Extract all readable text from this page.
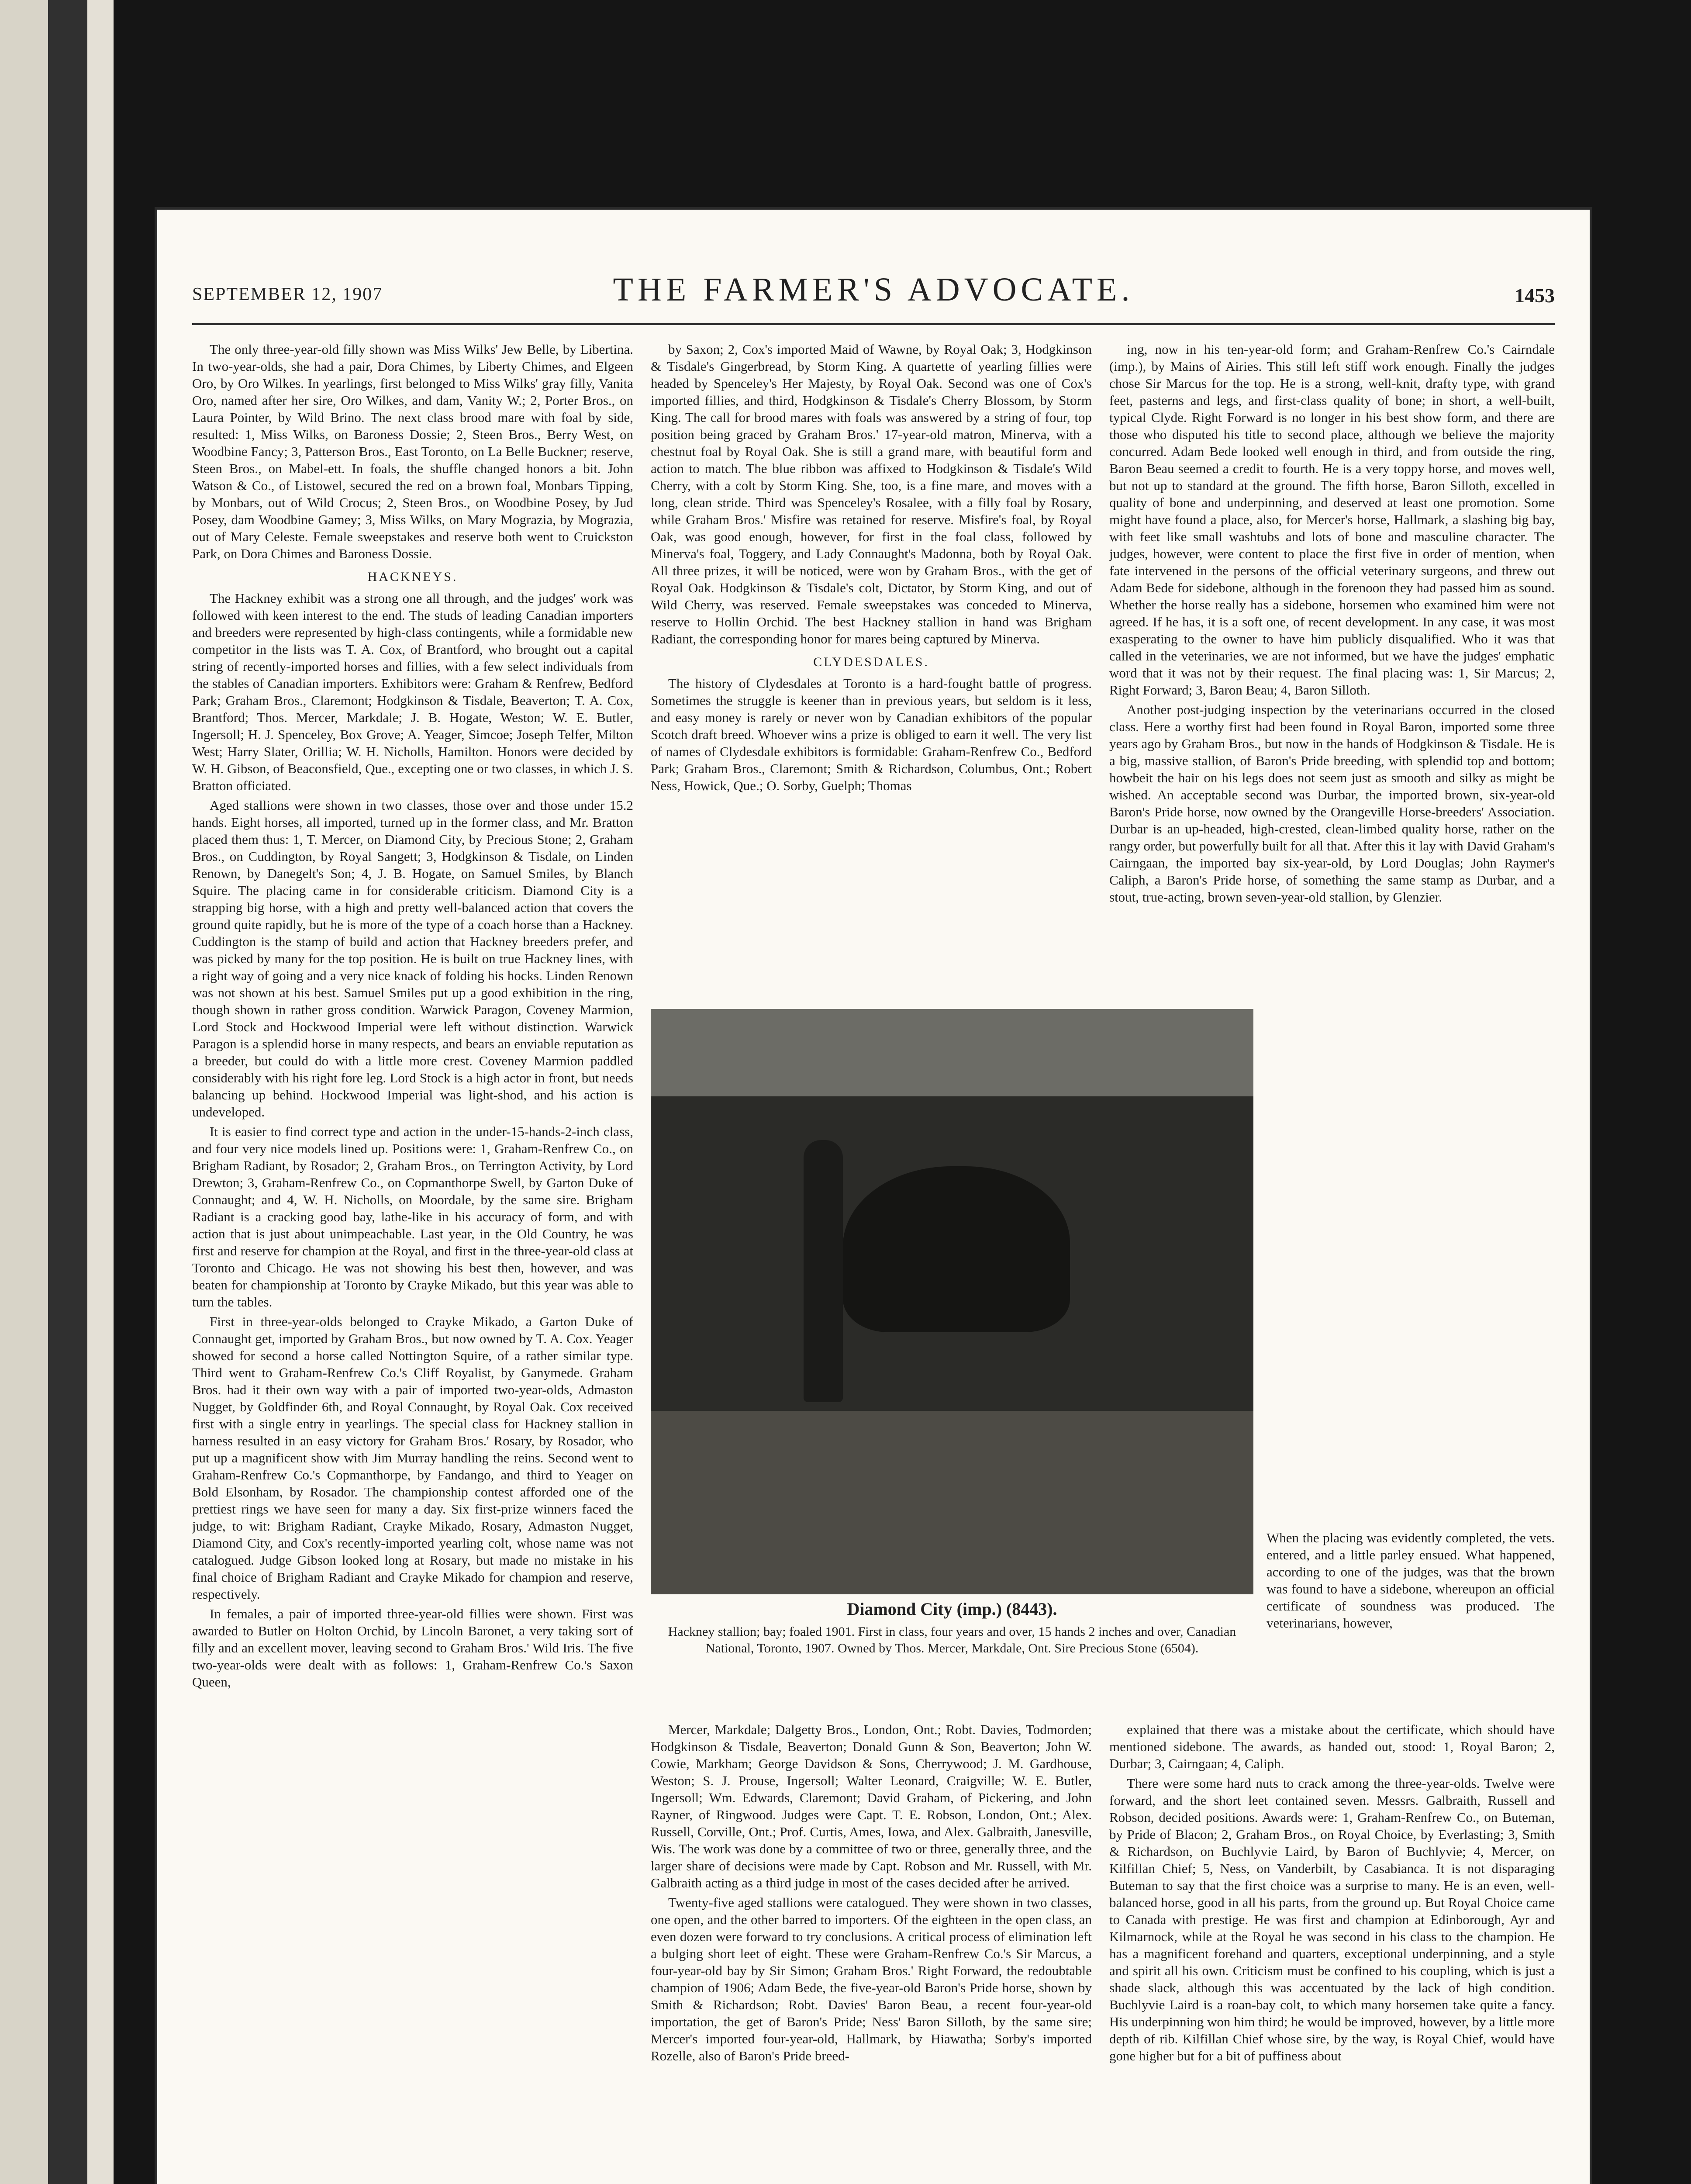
SEPTEMBER 12, 1907	THE FARMER'S ADVOCATE.	1453

The only three-year-old filly shown was Miss Wilks' Jew Belle, by Libertina. In two-year-olds, she had a pair, Dora Chimes, by Liberty Chimes, and Elgeen Oro, by Oro Wilkes. In yearlings, first belonged to Miss Wilks' gray filly, Vanita Oro, named after her sire, Oro Wilkes, and dam, Vanity W.; 2, Porter Bros., on Laura Pointer, by Wild Brino. The next class brood mare with foal by side, resulted: 1, Miss Wilks, on Baroness Dossie; 2, Steen Bros., Berry West, on Woodbine Fancy; 3, Patterson Bros., East Toronto, on La Belle Buckner; reserve, Steen Bros., on Mabel-ett. In foals, the shuffle changed honors a bit. John Watson & Co., of Listowel, secured the red on a brown foal, Monbars Tipping, by Monbars, out of Wild Crocus; 2, Steen Bros., on Woodbine Posey, by Jud Posey, dam Woodbine Gamey; 3, Miss Wilks, on Mary Mograzia, by Mograzia, out of Mary Celeste. Female sweepstakes and reserve both went to Cruickston Park, on Dora Chimes and Baroness Dossie.

HACKNEYS.

The Hackney exhibit was a strong one all through, and the judges' work was followed with keen interest to the end. The studs of leading Canadian importers and breeders were represented by high-class contingents, while a formidable new competitor in the lists was T. A. Cox, of Brantford, who brought out a capital string of recently-imported horses and fillies, with a few select individuals from the stables of Canadian importers. Exhibitors were: Graham & Renfrew, Bedford Park; Graham Bros., Claremont; Hodgkinson & Tisdale, Beaverton; T. A. Cox, Brantford; Thos. Mercer, Markdale; J. B. Hogate, Weston; W. E. Butler, Ingersoll; H. J. Spenceley, Box Grove; A. Yeager, Simcoe; Joseph Telfer, Milton West; Harry Slater, Orillia; W. H. Nicholls, Hamilton. Honors were decided by W. H. Gibson, of Beaconsfield, Que., excepting one or two classes, in which J. S. Bratton officiated.

Aged stallions were shown in two classes, those over and those under 15.2 hands. Eight horses, all imported, turned up in the former class, and Mr. Bratton placed them thus: 1, T. Mercer, on Diamond City, by Precious Stone; 2, Graham Bros., on Cuddington, by Royal Sangett; 3, Hodgkinson & Tisdale, on Linden Renown, by Danegelt's Son; 4, J. B. Hogate, on Samuel Smiles, by Blanch Squire. The placing came in for considerable criticism. Diamond City is a strapping big horse, with a high and pretty well-balanced action that covers the ground quite rapidly, but he is more of the type of a coach horse than a Hackney. Cuddington is the stamp of build and action that Hackney breeders prefer, and was picked by many for the top position. He is built on true Hackney lines, with a right way of going and a very nice knack of folding his hocks. Linden Renown was not shown at his best. Samuel Smiles put up a good exhibition in the ring, though shown in rather gross condition. Warwick Paragon, Coveney Marmion, Lord Stock and Hockwood Imperial were left without distinction. Warwick Paragon is a splendid horse in many respects, and bears an enviable reputation as a breeder, but could do with a little more crest. Coveney Marmion paddled considerably with his right fore leg. Lord Stock is a high actor in front, but needs balancing up behind. Hockwood Imperial was light-shod, and his action is undeveloped.

It is easier to find correct type and action in the under-15-hands-2-inch class, and four very nice models lined up. Positions were: 1, Graham-Renfrew Co., on Brigham Radiant, by Rosador; 2, Graham Bros., on Terrington Activity, by Lord Drewton; 3, Graham-Renfrew Co., on Copmanthorpe Swell, by Garton Duke of Connaught; and 4, W. H. Nicholls, on Moordale, by the same sire. Brigham Radiant is a cracking good bay, lathe-like in his accuracy of form, and with action that is just about unimpeachable. Last year, in the Old Country, he was first and reserve for champion at the Royal, and first in the three-year-old class at Toronto and Chicago. He was not showing his best then, however, and was beaten for championship at Toronto by Crayke Mikado, but this year was able to turn the tables.

First in three-year-olds belonged to Crayke Mikado, a Garton Duke of Connaught get, imported by Graham Bros., but now owned by T. A. Cox. Yeager showed for second a horse called Nottington Squire, of a rather similar type. Third went to Graham-Renfrew Co.'s Cliff Royalist, by Ganymede. Graham Bros. had it their own way with a pair of imported two-year-olds, Admaston Nugget, by Goldfinder 6th, and Royal Connaught, by Royal Oak. Cox received first with a single entry in yearlings. The special class for Hackney stallion in harness resulted in an easy victory for Graham Bros.' Rosary, by Rosador, who put up a magnificent show with Jim Murray handling the reins. Second went to Graham-Renfrew Co.'s Copmanthorpe, by Fandango, and third to Yeager on Bold Elsonham, by Rosador. The championship contest afforded one of the prettiest rings we have seen for many a day. Six first-prize winners faced the judge, to wit: Brigham Radiant, Crayke Mikado, Rosary, Admaston Nugget, Diamond City, and Cox's recently-imported yearling colt, whose name was not catalogued. Judge Gibson looked long at Rosary, but made no mistake in his final choice of Brigham Radiant and Crayke Mikado for champion and reserve, respectively.

In females, a pair of imported three-year-old fillies were shown. First was awarded to Butler on Holton Orchid, by Lincoln Baronet, a very taking sort of filly and an excellent mover, leaving second to Graham Bros.' Wild Iris. The five two-year-olds were dealt with as follows: 1, Graham-Renfrew Co.'s Saxon Queen,

by Saxon; 2, Cox's imported Maid of Wawne, by Royal Oak; 3, Hodgkinson & Tisdale's Gingerbread, by Storm King. A quartette of yearling fillies were headed by Spenceley's Her Majesty, by Royal Oak. Second was one of Cox's imported fillies, and third, Hodgkinson & Tisdale's Cherry Blossom, by Storm King. The call for brood mares with foals was answered by a string of four, top position being graced by Graham Bros.' 17-year-old matron, Minerva, with a chestnut foal by Royal Oak. She is still a grand mare, with beautiful form and action to match. The blue ribbon was affixed to Hodgkinson & Tisdale's Wild Cherry, with a colt by Storm King. She, too, is a fine mare, and moves with a long, clean stride. Third was Spenceley's Rosalee, with a filly foal by Rosary, while Graham Bros.' Misfire was retained for reserve. Misfire's foal, by Royal Oak, was good enough, however, for first in the foal class, followed by Minerva's foal, Toggery, and Lady Connaught's Madonna, both by Royal Oak. All three prizes, it will be noticed, were won by Graham Bros., with the get of Royal Oak. Hodgkinson & Tisdale's colt, Dictator, by Storm King, and out of Wild Cherry, was reserved. Female sweepstakes was conceded to Minerva, reserve to Hollin Orchid. The best Hackney stallion in hand was Brigham Radiant, the corresponding honor for mares being captured by Minerva.

CLYDESDALES.

The history of Clydesdales at Toronto is a hard-fought battle of progress. Sometimes the struggle is keener than in previous years, but seldom is it less, and easy money is rarely or never won by Canadian exhibitors of the popular Scotch draft breed. Whoever wins a prize is obliged to earn it well. The very list of names of Clydesdale exhibitors is formidable: Graham-Renfrew Co., Bedford Park; Graham Bros., Claremont; Smith & Richardson, Columbus, Ont.; Robert Ness, Howick, Que.; O. Sorby, Guelph; Thomas

Diamond City (imp.) (8443).
Hackney stallion; bay; foaled 1901. First in class, four years and over, 15 hands 2 inches and over, Canadian National, Toronto, 1907. Owned by Thos. Mercer, Markdale, Ont. Sire Precious Stone (6504).

Mercer, Markdale; Dalgetty Bros., London, Ont.; Robt. Davies, Todmorden; Hodgkinson & Tisdale, Beaverton; Donald Gunn & Son, Beaverton; John W. Cowie, Markham; George Davidson & Sons, Cherrywood; J. M. Gardhouse, Weston; S. J. Prouse, Ingersoll; Walter Leonard, Craigville; W. E. Butler, Ingersoll; Wm. Edwards, Claremont; David Graham, of Pickering, and John Rayner, of Ringwood. Judges were Capt. T. E. Robson, London, Ont.; Alex. Russell, Corville, Ont.; Prof. Curtis, Ames, Iowa, and Alex. Galbraith, Janesville, Wis. The work was done by a committee of two or three, generally three, and the larger share of decisions were made by Capt. Robson and Mr. Russell, with Mr. Galbraith acting as a third judge in most of the cases decided after he arrived.

Twenty-five aged stallions were catalogued. They were shown in two classes, one open, and the other barred to importers. Of the eighteen in the open class, an even dozen were forward to try conclusions. A critical process of elimination left a bulging short leet of eight. These were Graham-Renfrew Co.'s Sir Marcus, a four-year-old bay by Sir Simon; Graham Bros.' Right Forward, the redoubtable champion of 1906; Adam Bede, the five-year-old Baron's Pride horse, shown by Smith & Richardson; Robt. Davies' Baron Beau, a recent four-year-old importation, the get of Baron's Pride; Ness' Baron Silloth, by the same sire; Mercer's imported four-year-old, Hallmark, by Hiawatha; Sorby's imported Rozelle, also of Baron's Pride breed-

ing, now in his ten-year-old form; and Graham-Renfrew Co.'s Cairndale (imp.), by Mains of Airies. This still left stiff work enough. Finally the judges chose Sir Marcus for the top. He is a strong, well-knit, drafty type, with grand feet, pasterns and legs, and first-class quality of bone; in short, a well-built, typical Clyde. Right Forward is no longer in his best show form, and there are those who disputed his title to second place, although we believe the majority concurred. Adam Bede looked well enough in third, and from outside the ring, Baron Beau seemed a credit to fourth. He is a very toppy horse, and moves well, but not up to standard at the ground. The fifth horse, Baron Silloth, excelled in quality of bone and underpinning, and deserved at least one promotion. Some might have found a place, also, for Mercer's horse, Hallmark, a slashing big bay, with feet like small washtubs and lots of bone and masculine character. The judges, however, were content to place the first five in order of mention, when fate intervened in the persons of the official veterinary surgeons, and threw out Adam Bede for sidebone, although in the forenoon they had passed him as sound. Whether the horse really has a sidebone, horsemen who examined him were not agreed. If he has, it is a soft one, of recent development. In any case, it was most exasperating to the owner to have him publicly disqualified. Who it was that called in the veterinaries, we are not informed, but we have the judges' emphatic word that it was not by their request. The final placing was: 1, Sir Marcus; 2, Right Forward; 3, Baron Beau; 4, Baron Silloth.

Another post-judging inspection by the veterinarians occurred in the closed class. Here a worthy first had been found in Royal Baron, imported some three years ago by Graham Bros., but now in the hands of Hodgkinson & Tisdale. He is a big, massive stallion, of Baron's Pride breeding, with splendid top and bottom; howbeit the hair on his legs does not seem just as smooth and silky as might be wished. An acceptable second was Durbar, the imported brown, six-year-old Baron's Pride horse, now owned by the Orangeville Horse-breeders' Association. Durbar is an up-headed, high-crested, clean-limbed quality horse, rather on the rangy order, but powerfully built for all that. After this it lay with David Graham's Cairngaan, the imported bay six-year-old, by Lord Douglas; John Raymer's Caliph, a Baron's Pride horse, of something the same stamp as Durbar, and a stout, true-acting, brown seven-year-old stallion, by Glenzier.

When the placing was evidently completed, the vets. entered, and a little parley ensued. What happened, according to one of the judges, was that the brown was found to have a sidebone, whereupon an official certificate of soundness was produced. The veterinarians, however,

explained that there was a mistake about the certificate, which should have mentioned sidebone. The awards, as handed out, stood: 1, Royal Baron; 2, Durbar; 3, Cairngaan; 4, Caliph.

There were some hard nuts to crack among the three-year-olds. Twelve were forward, and the short leet contained seven. Messrs. Galbraith, Russell and Robson, decided positions. Awards were: 1, Graham-Renfrew Co., on Buteman, by Pride of Blacon; 2, Graham Bros., on Royal Choice, by Everlasting; 3, Smith & Richardson, on Buchlyvie Laird, by Baron of Buchlyvie; 4, Mercer, on Kilfillan Chief; 5, Ness, on Vanderbilt, by Casabianca. It is not disparaging Buteman to say that the first choice was a surprise to many. He is an even, well-balanced horse, good in all his parts, from the ground up. But Royal Choice came to Canada with prestige. He was first and champion at Edinborough, Ayr and Kilmarnock, while at the Royal he was second in his class to the champion. He has a magnificent forehand and quarters, exceptional underpinning, and a style and spirit all his own. Criticism must be confined to his coupling, which is just a shade slack, although this was accentuated by the lack of high condition. Buchlyvie Laird is a roan-bay colt, to which many horsemen take quite a fancy. His underpinning won him third; he would be improved, however, by a little more depth of rib. Kilfillan Chief whose sire, by the way, is Royal Chief, would have gone higher but for a bit of puffiness about
